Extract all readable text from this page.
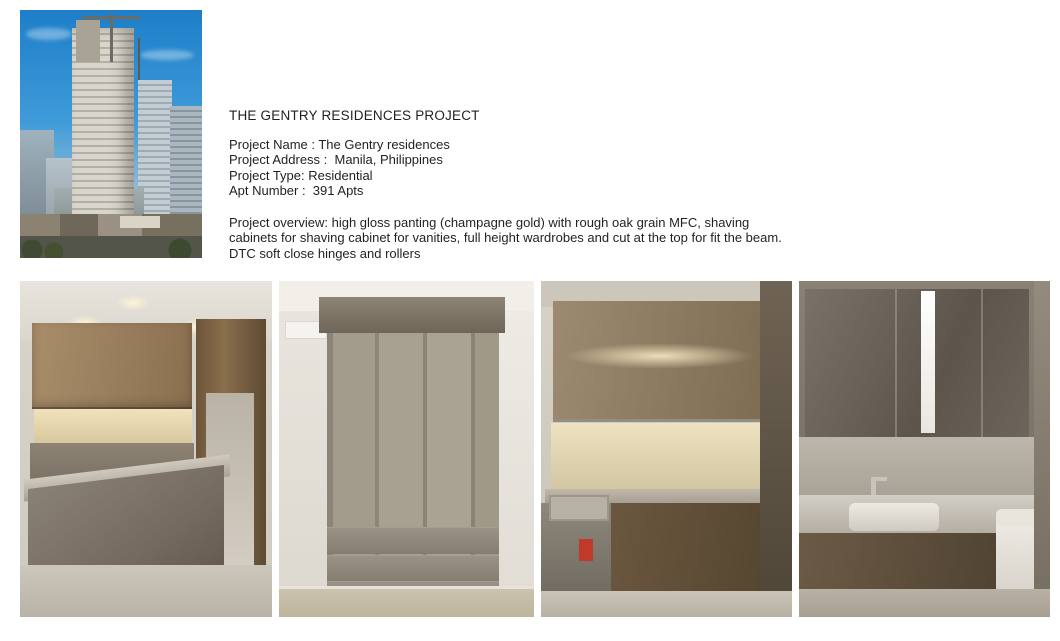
THE GENTRY RESIDENCES PROJECT

Project Name : The Gentry residences

Project Address :  Manila, Philippines

Project Type: Residential

Apt Number :  391 Apts

Project overview: high gloss panting (champagne gold) with rough oak grain MFC, shaving

cabinets for shaving cabinet for vanities, full height wardrobes and cut at the top for fit the beam.

DTC soft close hinges and rollers
